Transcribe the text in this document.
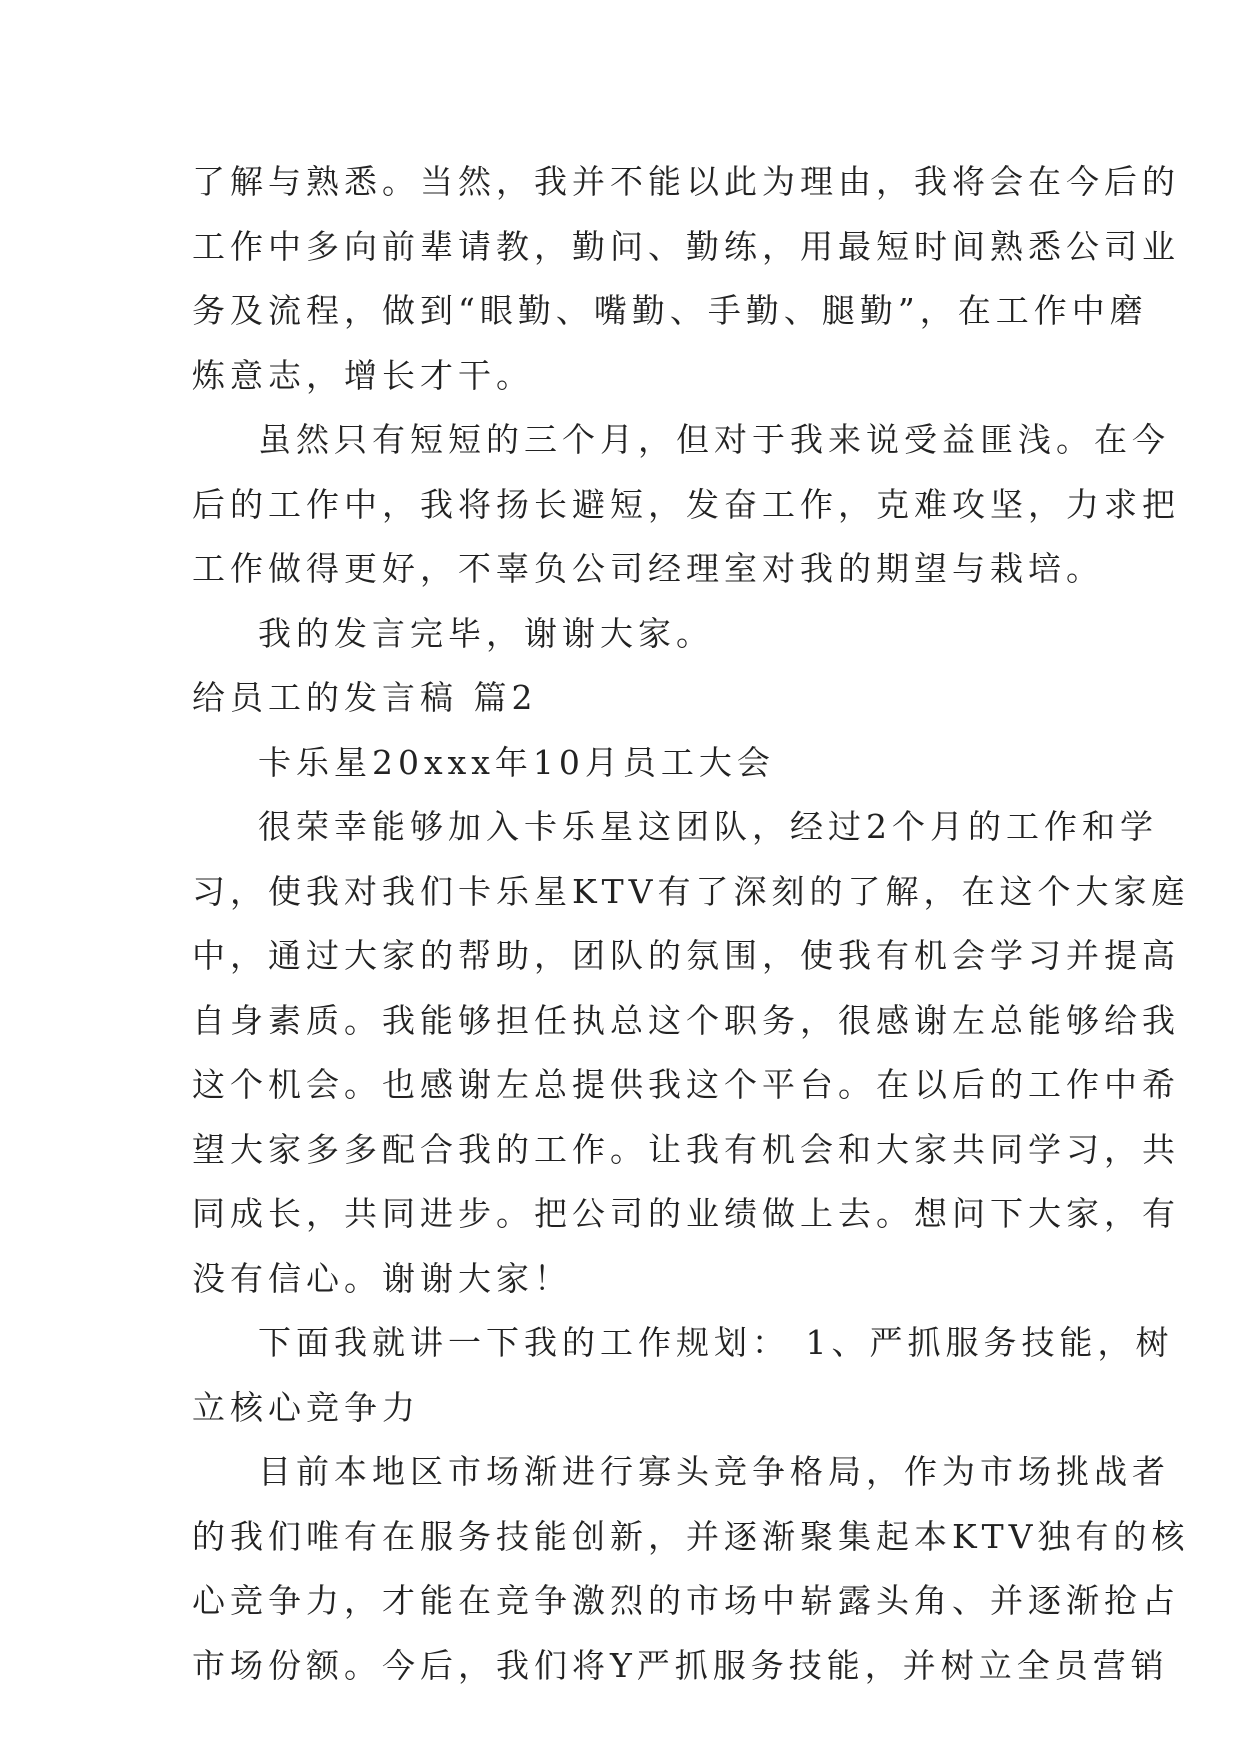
了解与熟悉。当然，我并不能以此为理由，我将会在今后的
工作中多向前辈请教，勤问、勤练，用最短时间熟悉公司业
务及流程，做到“眼勤、嘴勤、手勤、腿勤”，在工作中磨
炼意志，增长才干。
虽然只有短短的三个月，但对于我来说受益匪浅。在今
后的工作中，我将扬长避短，发奋工作，克难攻坚，力求把
工作做得更好，不辜负公司经理室对我的期望与栽培。
我的发言完毕，谢谢大家。
给员工的发言稿 篇2
卡乐星20xxx年10月员工大会
很荣幸能够加入卡乐星这团队，经过2个月的工作和学
习，使我对我们卡乐星KTV有了深刻的了解，在这个大家庭
中，通过大家的帮助，团队的氛围，使我有机会学习并提高
自身素质。我能够担任执总这个职务，很感谢左总能够给我
这个机会。也感谢左总提供我这个平台。在以后的工作中希
望大家多多配合我的工作。让我有机会和大家共同学习，共
同成长，共同进步。把公司的业绩做上去。想问下大家，有
没有信心。谢谢大家！
下面我就讲一下我的工作规划： 1、严抓服务技能，树
立核心竞争力
目前本地区市场渐进行寡头竞争格局，作为市场挑战者
的我们唯有在服务技能创新，并逐渐聚集起本KTV独有的核
心竞争力，才能在竞争激烈的市场中崭露头角、并逐渐抢占
市场份额。今后，我们将Y严抓服务技能，并树立全员营销
